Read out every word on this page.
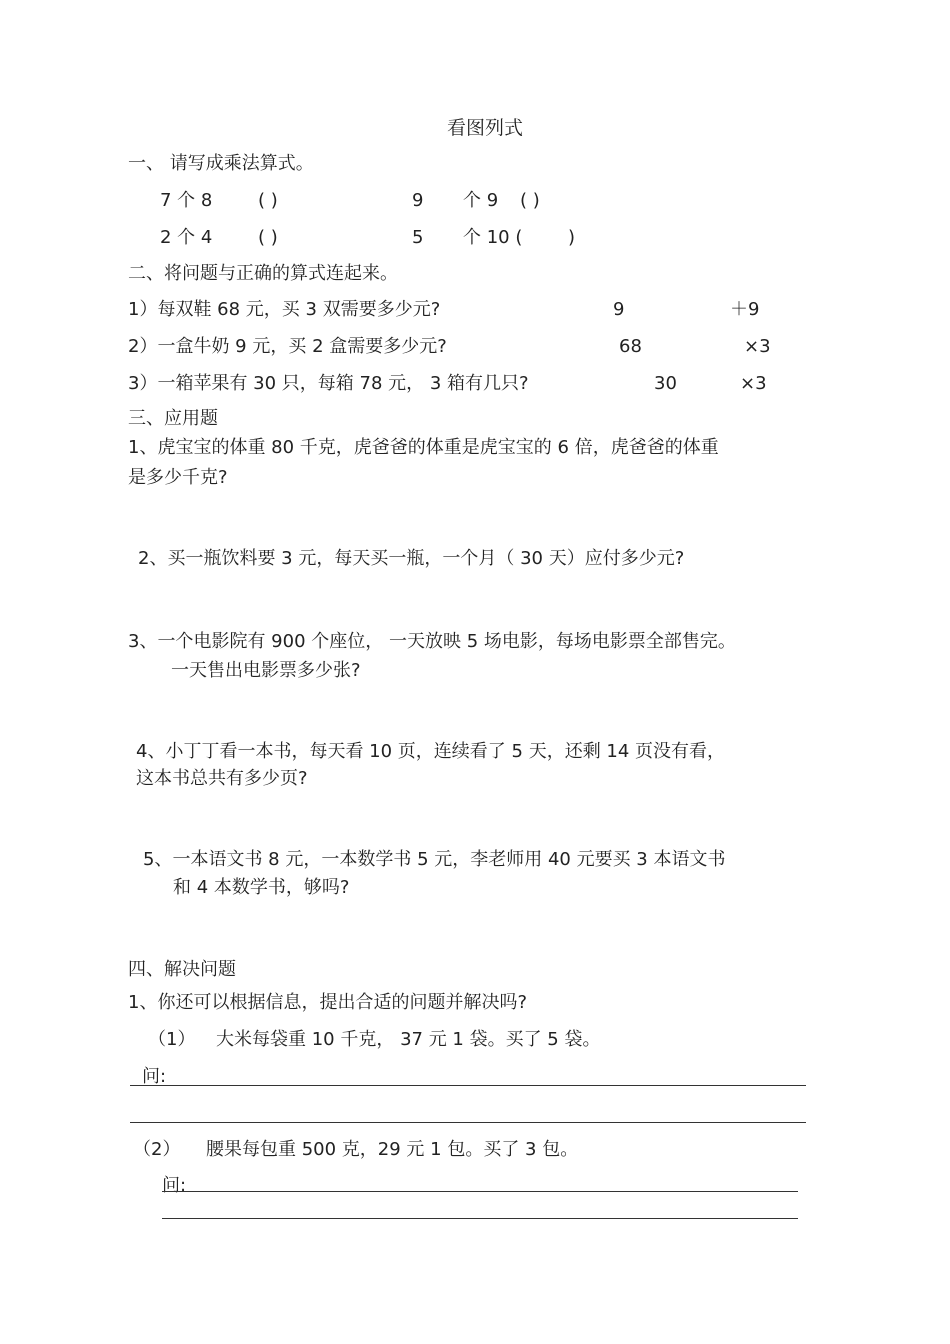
看图列式
一、 请写成乘法算式。
7 个 8	( )	9 个 9 ( )
2 个 4	( )	5 个 10 (	)
二、将问题与正确的算式连起来。
1）每双鞋 68 元，买 3 双需要多少元?	9	＋9
2）一盒牛奶 9 元，买 2 盒需要多少元?	68	×3
3）一箱苹果有 30 只，每箱 78 元， 3 箱有几只?	30	×3
三、应用题
1、虎宝宝的体重 80 千克，虎爸爸的体重是虎宝宝的 6 倍，虎爸爸的体重
是多少千克?
2、买一瓶饮料要 3 元，每天买一瓶，一个月（ 30 天）应付多少元?
3、一个电影院有 900 个座位， 一天放映 5 场电影，每场电影票全部售完。
一天售出电影票多少张?
4、小丁丁看一本书，每天看 10 页，连续看了 5 天，还剩 14 页没有看，
这本书总共有多少页?
5、一本语文书 8 元，一本数学书 5 元，李老师用 40 元要买 3 本语文书
和 4 本数学书，够吗?
四、解决问题
1、你还可以根据信息，提出合适的问题并解决吗?
（1） 大米每袋重 10 千克， 37 元 1 袋。买了 5 袋。
问:
（2） 腰果每包重 500 克，29 元 1 包。买了 3 包。
问:
